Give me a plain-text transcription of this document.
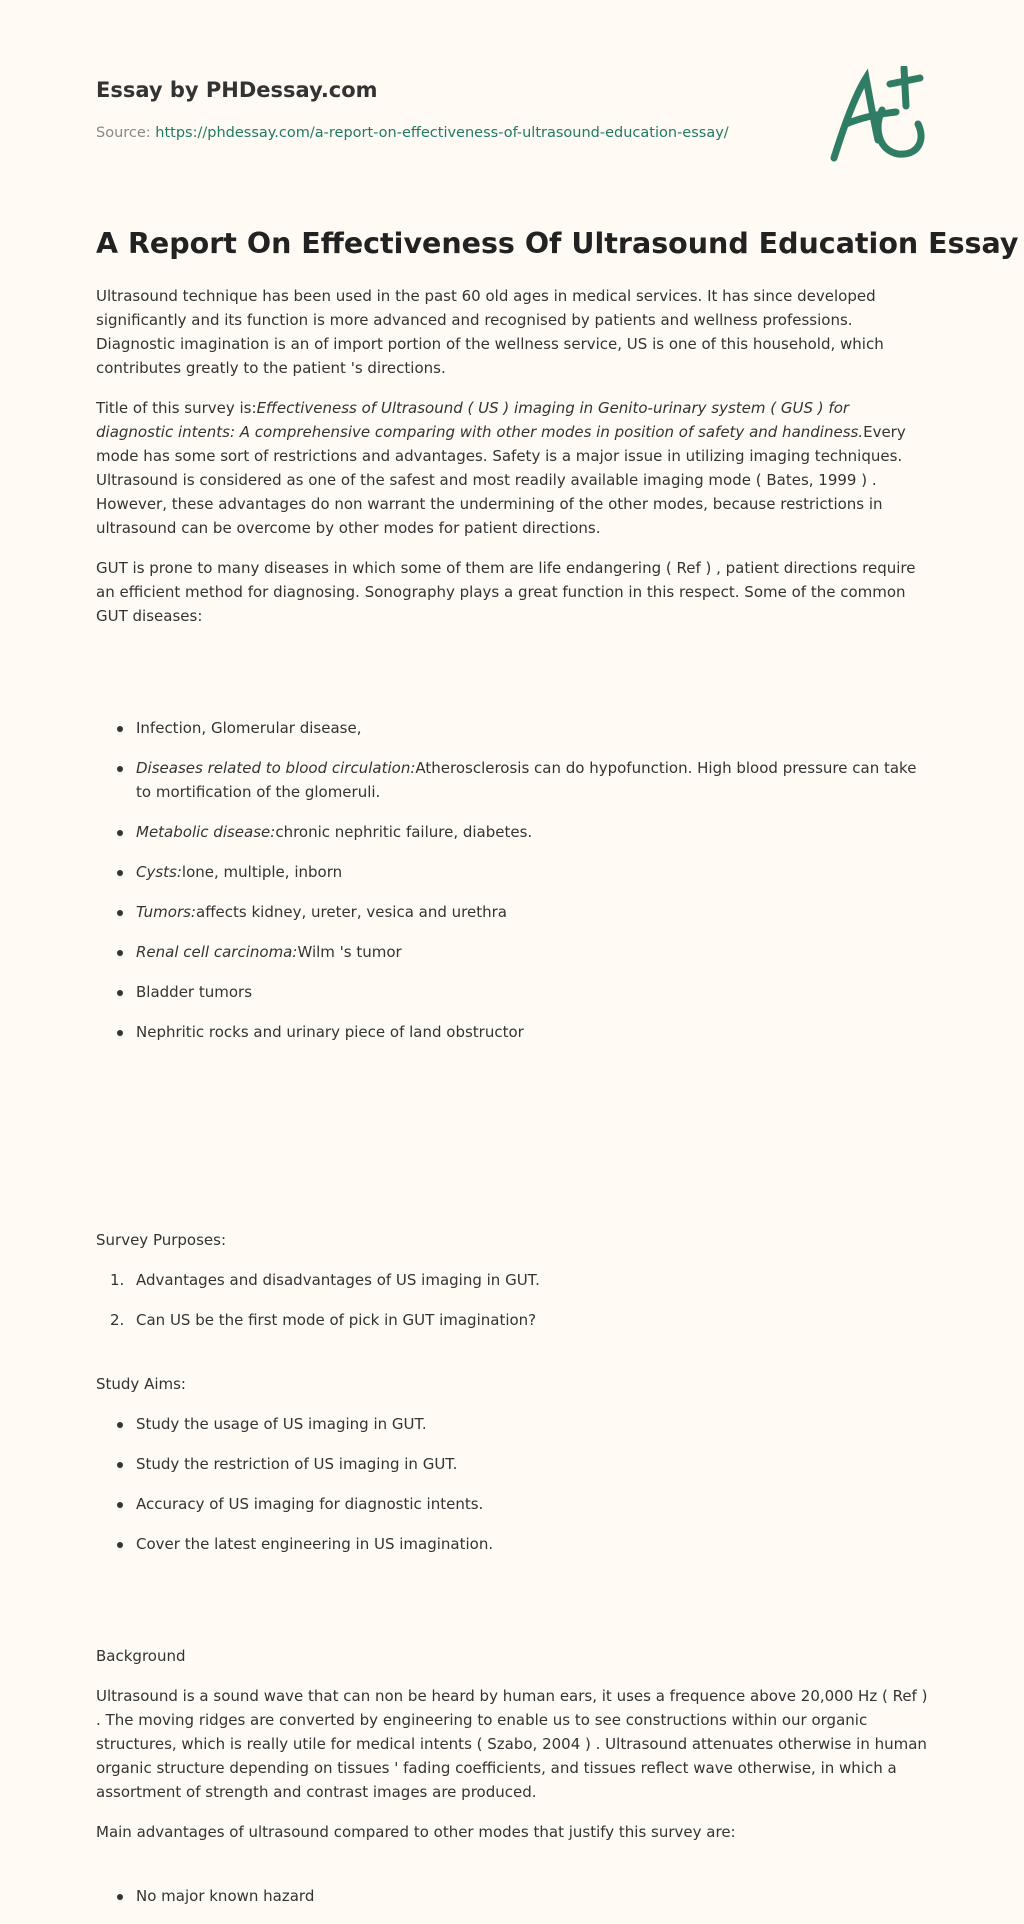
Essay by PHDessay.com
Source: https://phdessay.com/a-report-on-effectiveness-of-ultrasound-education-essay/
A Report On Effectiveness Of Ultrasound Education Essay

Ultrasound technique has been used in the past 60 old ages in medical services. It has since developed significantly and its function is more advanced and recognised by patients and wellness professions. Diagnostic imagination is an of import portion of the wellness service, US is one of this household, which contributes greatly to the patient 's directions.

Title of this survey is:Effectiveness of Ultrasound ( US ) imaging in Genito-urinary system ( GUS ) for diagnostic intents: A comprehensive comparing with other modes in position of safety and handiness.Every mode has some sort of restrictions and advantages. Safety is a major issue in utilizing imaging techniques. Ultrasound is considered as one of the safest and most readily available imaging mode ( Bates, 1999 ) . However, these advantages do non warrant the undermining of the other modes, because restrictions in ultrasound can be overcome by other modes for patient directions.

GUT is prone to many diseases in which some of them are life endangering ( Ref ) , patient directions require an efficient method for diagnosing. Sonography plays a great function in this respect. Some of the common GUT diseases:

Infection, Glomerular disease,
Diseases related to blood circulation:Atherosclerosis can do hypofunction. High blood pressure can take to mortification of the glomeruli.
Metabolic disease:chronic nephritic failure, diabetes.
Cysts:lone, multiple, inborn
Tumors:affects kidney, ureter, vesica and urethra
Renal cell carcinoma:Wilm 's tumor
Bladder tumors
Nephritic rocks and urinary piece of land obstructor

Survey Purposes:

1. Advantages and disadvantages of US imaging in GUT.
2. Can US be the first mode of pick in GUT imagination?

Study Aims:

Study the usage of US imaging in GUT.
Study the restriction of US imaging in GUT.
Accuracy of US imaging for diagnostic intents.
Cover the latest engineering in US imagination.

Background

Ultrasound is a sound wave that can non be heard by human ears, it uses a frequence above 20,000 Hz ( Ref ) . The moving ridges are converted by engineering to enable us to see constructions within our organic structures, which is really utile for medical intents ( Szabo, 2004 ) . Ultrasound attenuates otherwise in human organic structure depending on tissues ' fading coefficients, and tissues reflect wave otherwise, in which a assortment of strength and contrast images are produced.

Main advantages of ultrasound compared to other modes that justify this survey are:

No major known hazard
